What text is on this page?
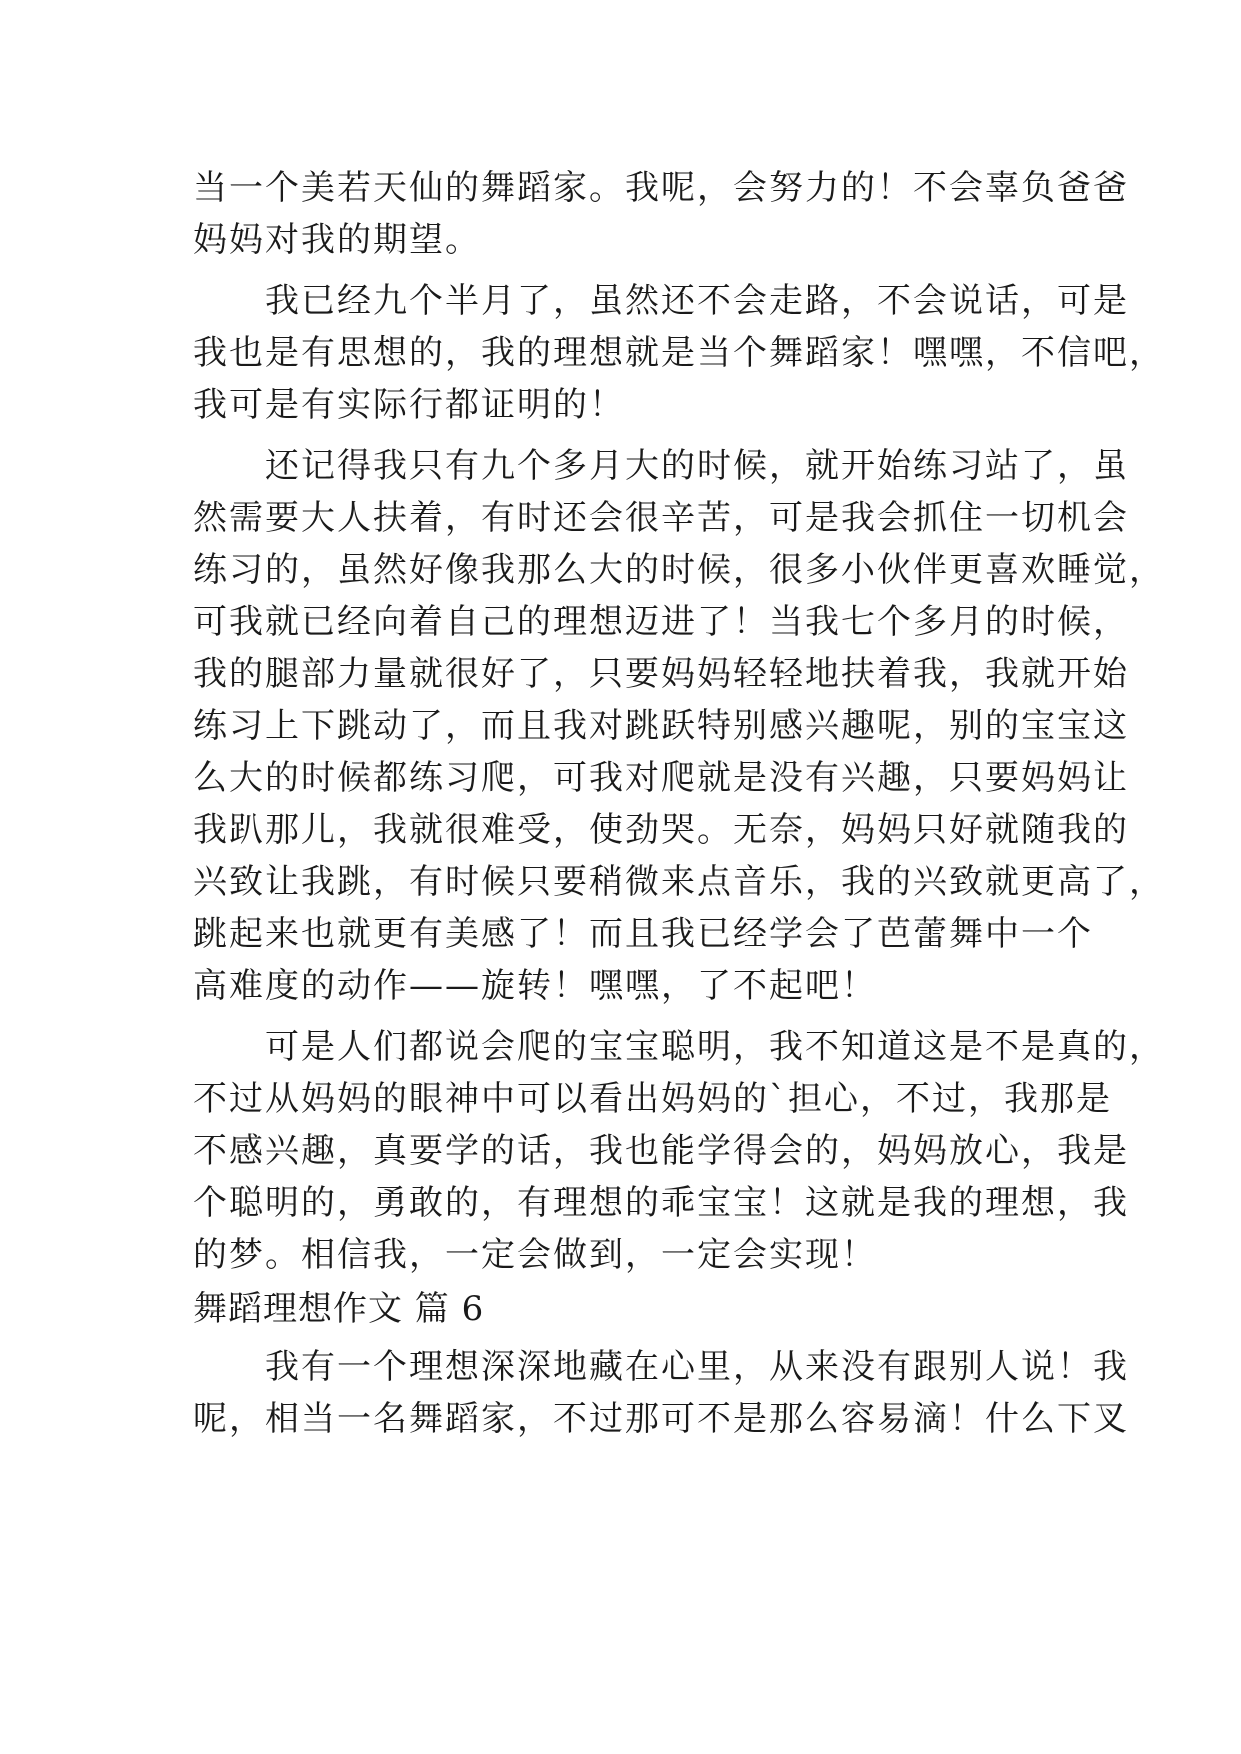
当一个美若天仙的舞蹈家。我呢，会努力的！不会辜负爸爸
妈妈对我的期望。
　　我已经九个半月了，虽然还不会走路，不会说话，可是
我也是有思想的，我的理想就是当个舞蹈家！嘿嘿，不信吧，
我可是有实际行都证明的！
　　还记得我只有九个多月大的时候，就开始练习站了，虽
然需要大人扶着，有时还会很辛苦，可是我会抓住一切机会
练习的，虽然好像我那么大的时候，很多小伙伴更喜欢睡觉，
可我就已经向着自己的理想迈进了！当我七个多月的时候，
我的腿部力量就很好了，只要妈妈轻轻地扶着我，我就开始
练习上下跳动了，而且我对跳跃特别感兴趣呢，别的宝宝这
么大的时候都练习爬，可我对爬就是没有兴趣，只要妈妈让
我趴那儿，我就很难受，使劲哭。无奈，妈妈只好就随我的
兴致让我跳，有时候只要稍微来点音乐，我的兴致就更高了，
跳起来也就更有美感了！而且我已经学会了芭蕾舞中一个
高难度的动作——旋转！嘿嘿，了不起吧！
　　可是人们都说会爬的宝宝聪明，我不知道这是不是真的，
不过从妈妈的眼神中可以看出妈妈的`担心，不过，我那是
不感兴趣，真要学的话，我也能学得会的，妈妈放心，我是
个聪明的，勇敢的，有理想的乖宝宝！这就是我的理想，我
的梦。相信我，一定会做到，一定会实现！
舞蹈理想作文 篇 6
　　我有一个理想深深地藏在心里，从来没有跟别人说！我
呢，相当一名舞蹈家，不过那可不是那么容易滴！什么下叉
